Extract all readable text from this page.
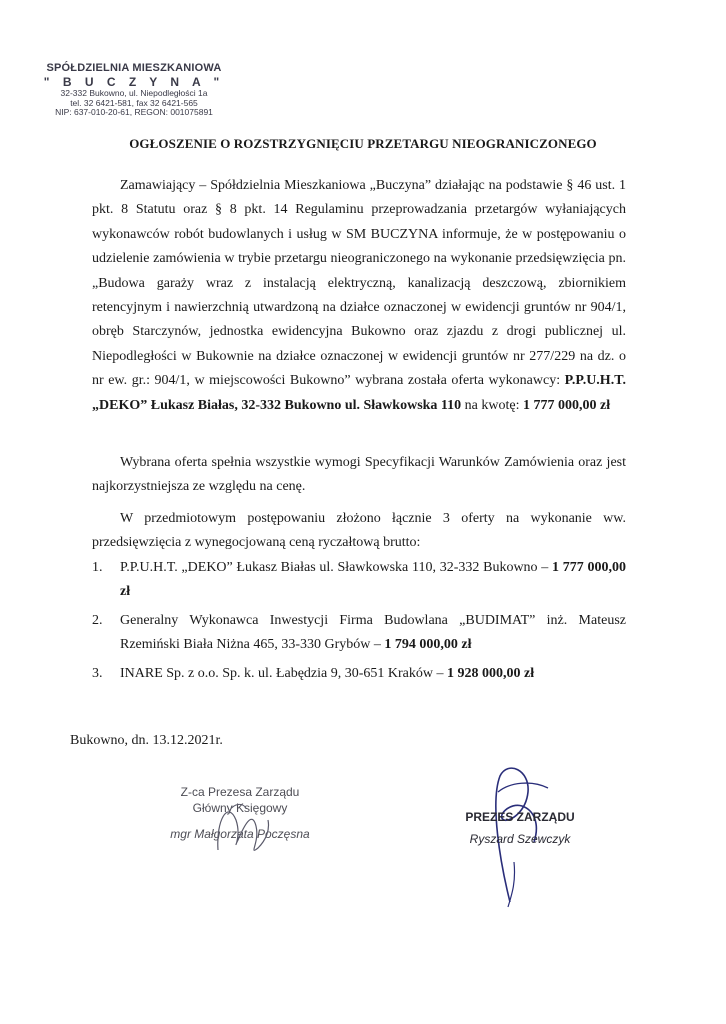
SPÓŁDZIELNIA MIESZKANIOWA
" B U C Z Y N A "
32-332 Bukowno, ul. Niepodległości 1a
tel. 32 6421-581, fax 32 6421-565
NIP: 637-010-20-61, REGON: 001075891
OGŁOSZENIE O ROZSTRZYGNIĘCIU PRZETARGU NIEOGRANICZONEGO
Zamawiający – Spółdzielnia Mieszkaniowa „Buczyna” działając na podstawie § 46 ust. 1 pkt. 8 Statutu oraz § 8 pkt. 14 Regulaminu przeprowadzania przetargów wyłaniających wykonawców robót budowlanych i usług w SM BUCZYNA informuje, że w postępowaniu o udzielenie zamówienia w trybie przetargu nieograniczonego na wykonanie przedsięwzięcia pn. „Budowa garaży wraz z instalacją elektryczną, kanalizacją deszczową, zbiornikiem retencyjnym i nawierzchnią utwardzoną na działce oznaczonej w ewidencji gruntów nr 904/1, obręb Starczynów, jednostka ewidencyjna Bukowno oraz zjazdu z drogi publicznej ul. Niepodległości w Bukownie na działce oznaczonej w ewidencji gruntów nr 277/229 na dz. o nr ew. gr.: 904/1, w miejscowości Bukowno” wybrana została oferta wykonawcy: P.P.U.H.T. „DEKO” Łukasz Białas, 32-332 Bukowno ul. Sławkowska 110 na kwotę: 1 777 000,00 zł
Wybrana oferta spełnia wszystkie wymogi Specyfikacji Warunków Zamówienia oraz jest najkorzystniejsza ze względu na cenę.
W przedmiotowym postępowaniu złożono łącznie 3 oferty na wykonanie ww. przedsięwzięcia z wynegocjowaną ceną ryczałtową brutto:
1. P.P.U.H.T. „DEKO” Łukasz Białas ul. Sławkowska 110, 32-332 Bukowno – 1 777 000,00 zł
2. Generalny Wykonawca Inwestycji Firma Budowlana „BUDIMAT” inż. Mateusz Rzemiński Biała Niżna 465, 33-330 Grybów – 1 794 000,00 zł
3. INARE Sp. z o.o. Sp. k. ul. Łabędzia 9, 30-651 Kraków – 1 928 000,00 zł
Bukowno, dn. 13.12.2021r.
Z-ca Prezesa Zarządu
Główny Księgowy
mgr Małgorzata Poczęsna
PREZES ZARZĄDU
Ryszard Szewczyk
